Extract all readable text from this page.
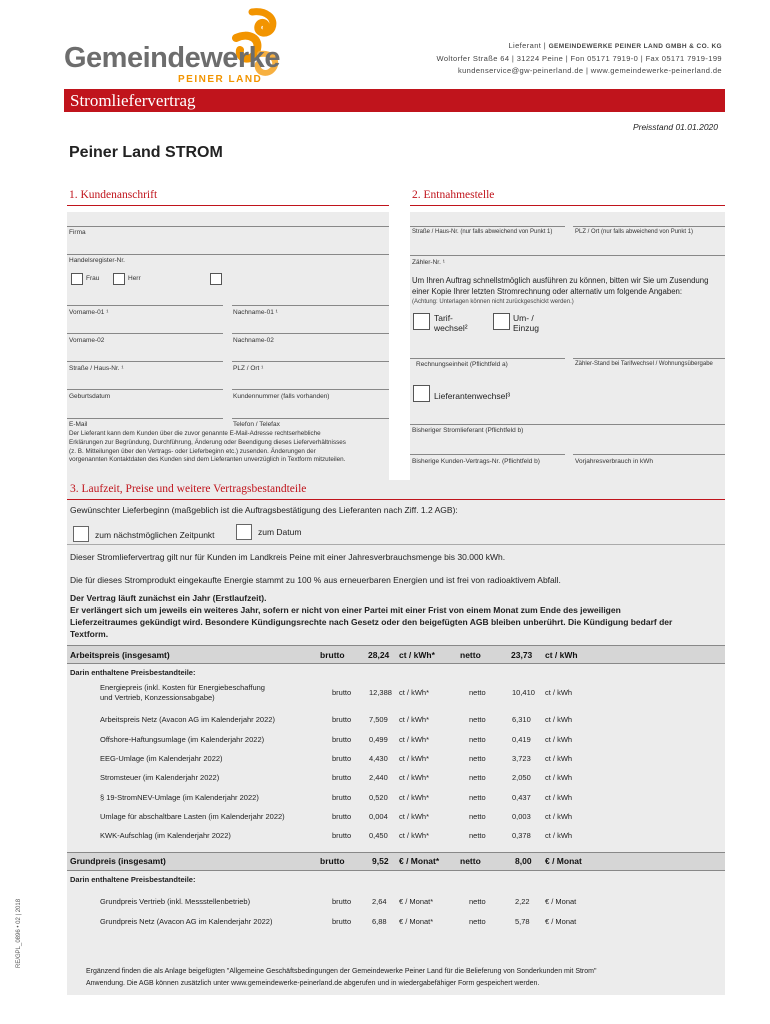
Gemeindewerke
PEINER LAND
Lieferant | GEMEINDEWERKE PEINER LAND GMBH & CO. KG
Woltorfer Straße 64 | 31224 Peine | Fon 05171 7919-0 | Fax 05171 7919-199
kundenservice@gw-peinerland.de | www.gemeindewerke-peinerland.de
Stromliefervertrag
Preisstand 01.01.2020
Peiner Land STROM
1. Kundenanschrift
Firma
Handelsregister-Nr.
Frau	Herr
Vorname-01 ¹	Nachname-01 ¹
Vorname-02	Nachname-02
Straße / Haus-Nr. ¹	PLZ / Ort ¹
Geburtsdatum	Kundennummer (falls vorhanden)
E-Mail	Telefon / Telefax
Der Lieferant kann dem Kunden über die zuvor genannte E-Mail-Adresse rechtserhebliche
Erklärungen zur Begründung, Durchführung, Änderung oder Beendigung dieses Lieferverhältnisses
(z. B. Mitteilungen über den Vertrags- oder Lieferbeginn etc.) zusenden. Änderungen der
vorgenannten Kontaktdaten des Kunden sind dem Lieferanten unverzüglich in Textform mitzuteilen.
2. Entnahmestelle
Straße / Haus-Nr. (nur falls abweichend von Punkt 1)	PLZ / Ort (nur falls abweichend von Punkt 1)
Zähler-Nr. ¹
Um Ihren Auftrag schnellstmöglich ausführen zu können, bitten wir Sie um Zusendung
einer Kopie Ihrer letzten Stromrechnung oder alternativ um folgende Angaben:
(Achtung: Unterlagen können nicht zurückgeschickt werden.)
Tarif-
wechsel²
Um- /
Einzug
Rechnungseinheit (Pflichtfeld a)	Zähler-Stand bei Tarifwechsel / Wohnungsübergabe
Lieferantenwechsel³
Bisheriger Stromlieferant (Pflichtfeld b)
Bisherige Kunden-Vertrags-Nr. (Pflichtfeld b)	Vorjahresverbrauch in kWh
3. Laufzeit, Preise und weitere Vertragsbestandteile
Gewünschter Lieferbeginn (maßgeblich ist die Auftragsbestätigung des Lieferanten nach Ziff. 1.2 AGB):
zum nächstmöglichen Zeitpunkt	zum Datum
Dieser Stromliefervertrag gilt nur für Kunden im Landkreis Peine mit einer Jahresverbrauchsmenge bis 30.000 kWh.
Die für dieses Stromprodukt eingekaufte Energie stammt zu 100 % aus erneuerbaren Energien und ist frei von radioaktivem Abfall.
Der Vertrag läuft zunächst ein Jahr (Erstlaufzeit).
Er verlängert sich um jeweils ein weiteres Jahr, sofern er nicht von einer Partei mit einer Frist von einem Monat zum Ende des jeweiligen
Lieferzeitraumes gekündigt wird. Besondere Kündigungsrechte nach Gesetz oder den beigefügten AGB bleiben unberührt. Die Kündigung bedarf der
Textform.
Arbeitspreis (insgesamt)	brutto	28,24 ct / kWh*	netto	23,73 ct / kWh
Darin enthaltene Preisbestandteile:
Energiepreis (inkl. Kosten für Energiebeschaffung
und Vertrieb, Konzessionsabgabe)
brutto 12,388 ct / kWh*	netto	10,410 ct / kWh
Arbeitspreis Netz (Avacon AG im Kalenderjahr 2022)	brutto 7,509 ct / kWh*	netto	6,310 ct / kWh
Offshore-Haftungsumlage (im Kalenderjahr 2022)	brutto 0,499 ct / kWh*	netto	0,419 ct / kWh
EEG-Umlage (im Kalenderjahr 2022)	brutto 4,430 ct / kWh*	netto	3,723 ct / kWh
Stromsteuer (im Kalenderjahr 2022)	brutto 2,440 ct / kWh*	netto	2,050 ct / kWh
§ 19-StromNEV-Umlage (im Kalenderjahr 2022)	brutto 0,520 ct / kWh*	netto	0,437 ct / kWh
Umlage für abschaltbare Lasten (im Kalenderjahr 2022)	brutto 0,004 ct / kWh*	netto	0,003 ct / kWh
KWK-Aufschlag (im Kalenderjahr 2022)	brutto 0,450 ct / kWh*	netto	0,378 ct / kWh
Grundpreis (insgesamt)	brutto	9,52 € / Monat* netto	8,00 € / Monat
Darin enthaltene Preisbestandteile:
Grundpreis Vertrieb (inkl. Messstellenbetrieb)	brutto	2,64 € / Monat*	netto	2,22 € / Monat
Grundpreis Netz (Avacon AG im Kalenderjahr 2022)	brutto	6,88 € / Monat*	netto	5,78 € / Monat
Ergänzend finden die als Anlage beigefügten "Allgemeine Geschäftsbedingungen der Gemeindewerke Peiner Land für die Belieferung von Sonderkunden mit Strom"
Anwendung. Die AGB können zusätzlich unter www.gemeindewerke-peinerland.de abgerufen und in wiedergabefähiger Form gespeichert werden.
RE/GPL_0896 • 02 | 2018
